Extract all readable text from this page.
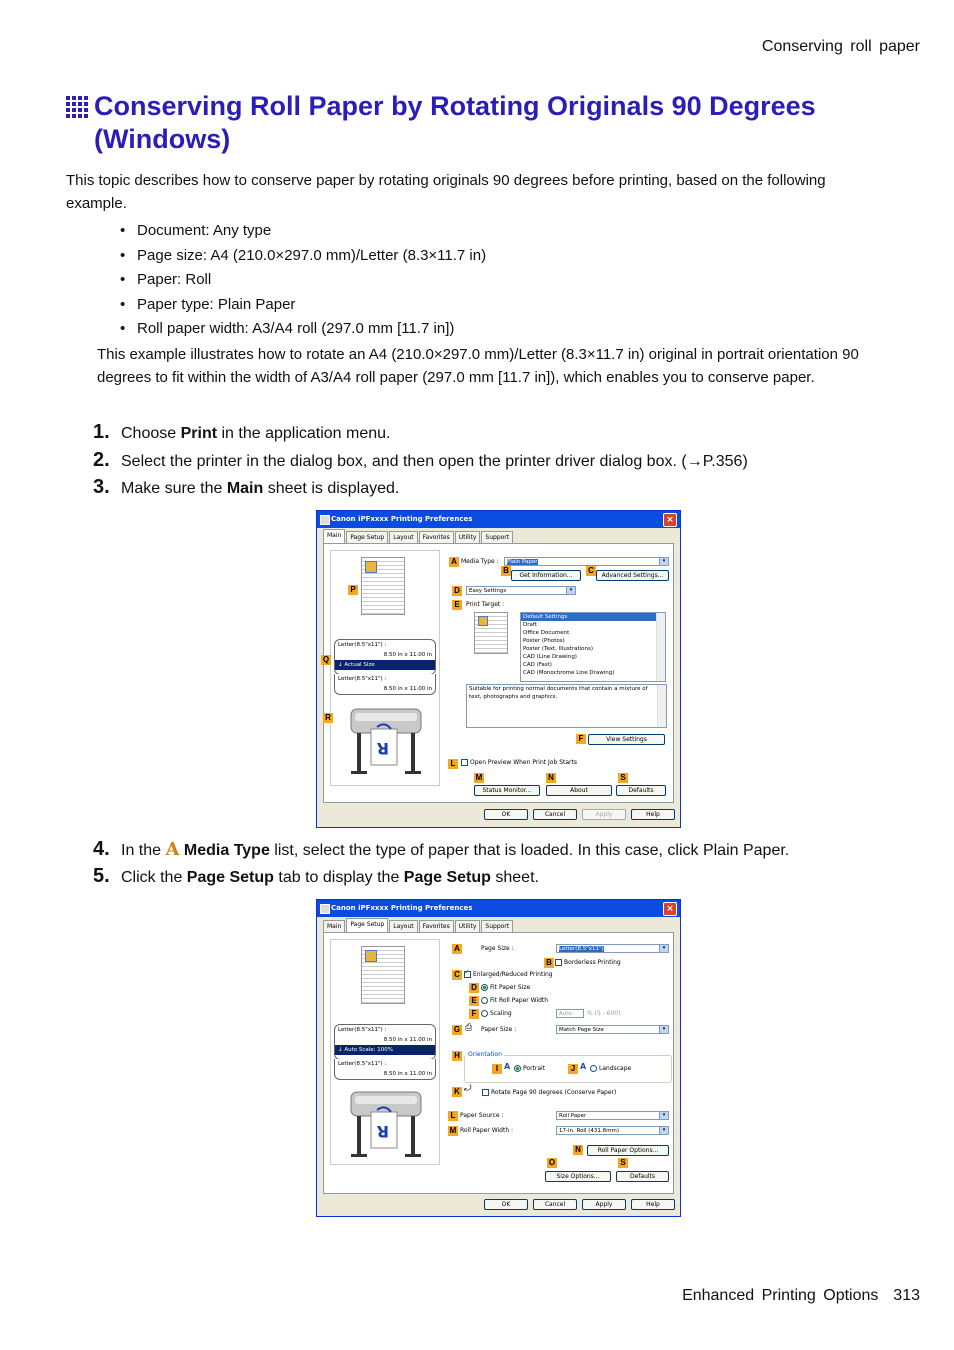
Conserving roll paper
Conserving Roll Paper by Rotating Originals 90 Degrees (Windows)
This topic describes how to conserve paper by rotating originals 90 degrees before printing, based on the following example.
• Document: Any type
• Page size: A4 (210.0×297.0 mm)/Letter (8.3×11.7 in)
• Paper: Roll
• Paper type: Plain Paper
• Roll paper width: A3/A4 roll (297.0 mm [11.7 in])
This example illustrates how to rotate an A4 (210.0×297.0 mm)/Letter (8.3×11.7 in) original in portrait orientation 90 degrees to fit within the width of A3/A4 roll paper (297.0 mm [11.7 in]), which enables you to conserve paper.
1. Choose Print in the application menu.
2. Select the printer in the dialog box, and then open the printer driver dialog box. (→P.356)
3. Make sure the Main sheet is displayed.
Canon iPFxxxx Printing Preferences	×
Main	Page Setup	Layout	Favorites	Utility	Support
Letter(8.5"x11") :
8.50 in x 11.00 in
↓ Actual Size
Letter(8.5"x11") :
8.50 in x 11.00 in
R
P
Q
R
A Media Type :	Plain Paper	▾
B
Get Information...
C
Advanced Settings...
D	Easy Settings	▾
E	Print Target :
Default Settings
Draft
Office Document
Poster (Photos)
Poster (Text, Illustrations)
CAD (Line Drawing)
CAD (Fast)
CAD (Monochrome Line Drawing)
Suitable for printing normal documents that contain a mixture of text, photographs and graphics.
F	View Settings
L	Open Preview When Print Job Starts
M	N	S
Status Monitor...	About	Defaults
OK	Cancel	Apply	Help
4. In the A Media Type list, select the type of paper that is loaded. In this case, click Plain Paper.
5. Click the Page Setup tab to display the Page Setup sheet.
Canon iPFxxxx Printing Preferences	×
Main	Page Setup	Layout	Favorites	Utility	Support
Letter(8.5"x11") :
8.50 in x 11.00 in
↓ Auto Scale: 100%
Letter(8.5"x11") :
8.50 in x 11.00 in
R
A	Page Size :	Letter(8.5"x11")	▾
B	Borderless Printing
C
✓	Enlarged/Reduced Printing
D	Fit Paper Size
E	Fit Roll Paper Width
F	Scaling	Auto	% (5 - 600)
G ⎙ Paper Size :	Match Page Size	▾
H	Orientation
I A	Portrait	J A	Landscape
K ⤾	Rotate Page 90 degrees (Conserve Paper)
L Paper Source :	Roll Paper	▾
M Roll Paper Width :	17-in. Roll (431.8mm)	▾
N	Roll Paper Options...
O	S
Size Options...	Defaults
OK	Cancel	Apply	Help
Enhanced Printing Options 313
